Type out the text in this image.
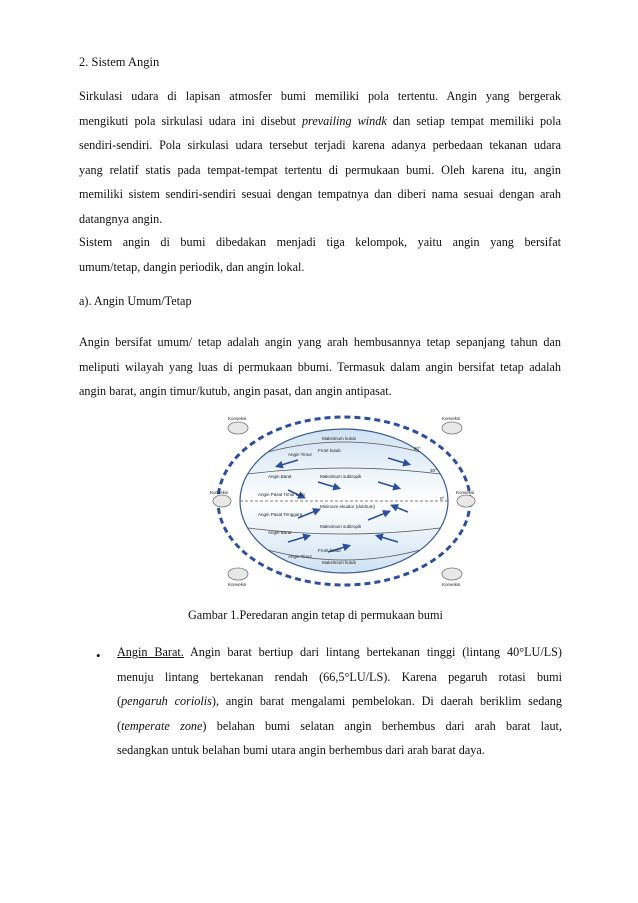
2. Sistem Angin
Sirkulasi udara di lapisan atmosfer bumi memiliki pola tertentu. Angin yang bergerak
mengikuti pola sirkulasi udara ini disebut prevailing windk dan setiap tempat memiliki pola
sendiri-sendiri. Pola sirkulasi udara tersebut terjadi karena adanya perbedaan tekanan udara
yang relatif statis pada tempat-tempat tertentu di permukaan bumi. Oleh karena itu, angin
memiliki sistem sendiri-sendiri sesuai dengan tempatnya dan diberi nama sesuai dengan arah
datangnya angin.
Sistem angin di bumi dibedakan menjadi tiga kelompok, yaitu angin yang bersifat
umum/tetap, dangin periodik, dan angin lokal.
a). Angin Umum/Tetap
Angin bersifat umum/ tetap adalah angin yang arah hembusannya tetap sepanjang tahun dan
meliputi wilayah yang luas di permukaan bbumi. Termasuk dalam angin bersifat tetap adalah
angin barat, angin timur/kutub, angin pasat, dan angin antipasat.
Konveksi	Konveksi
Konveksi	Konveksi
Konveksi	Konveksi
Maksimum kutub
Front kutub
Angin Timur
Angin Barat	Maksimum subtropik
Angin Pasat Timur Laut
Minimum ekuator (doldrum)
Angin Pasat Tenggara
Maksimum subtropik
Angin Barat
Front kutub
Angin Timur
Maksimum kutub
30°
0°
60°
Gambar 1.Peredaran angin tetap di permukaan bumi
• Angin Barat. Angin barat bertiup dari lintang bertekanan tinggi (lintang 40°LU/LS)
menuju lintang bertekanan rendah (66,5°LU/LS). Karena pegaruh rotasi bumi
(pengaruh coriolis), angin barat mengalami pembelokan. Di daerah beriklim sedang
(temperate zone) belahan bumi selatan angin berhembus dari arah barat laut,
sedangkan untuk belahan bumi utara angin berhembus dari arah barat daya.
